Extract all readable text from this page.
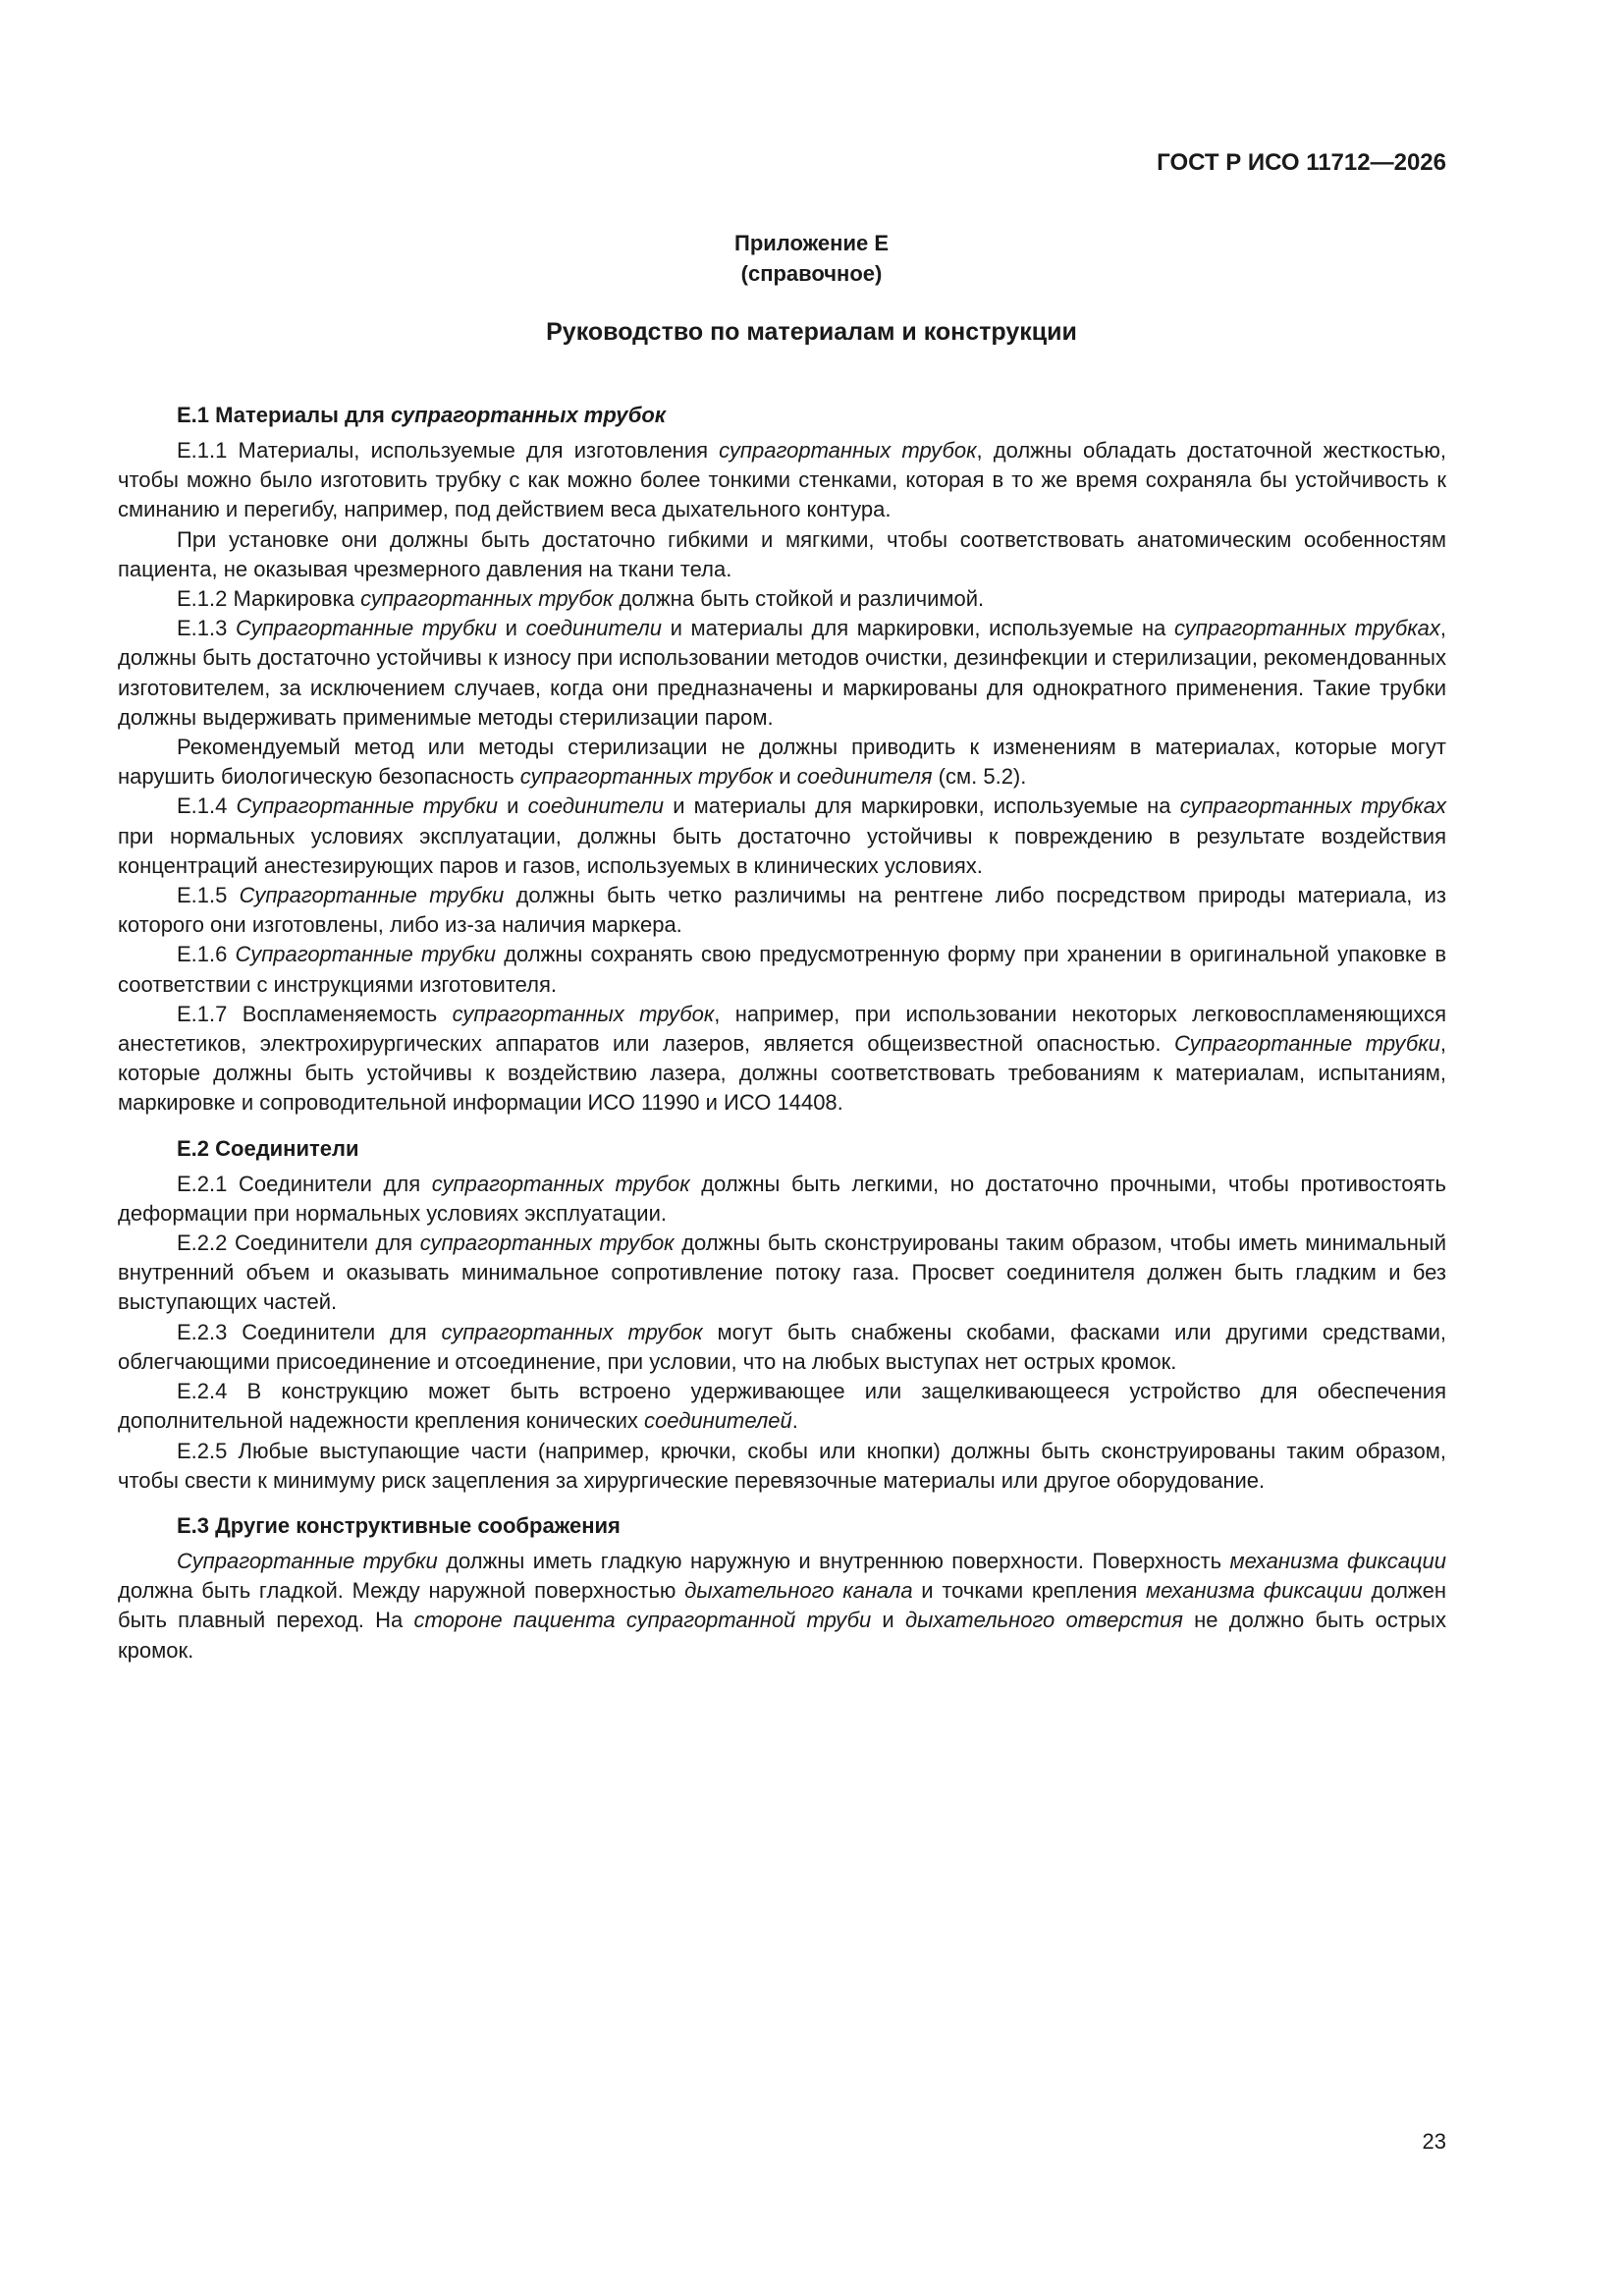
ГОСТ Р ИСО 11712—2026
Приложение Е
(справочное)
Руководство по материалам и конструкции
Е.1 Материалы для супрагортанных трубок

Е.1.1 Материалы, используемые для изготовления супрагортанных трубок, должны обладать достаточной жесткостью, чтобы можно было изготовить трубку с как можно более тонкими стенками, которая в то же время сохраняла бы устойчивость к сминанию и перегибу, например, под действием веса дыхательного контура.

При установке они должны быть достаточно гибкими и мягкими, чтобы соответствовать анатомическим особенностям пациента, не оказывая чрезмерного давления на ткани тела.

Е.1.2 Маркировка супрагортанных трубок должна быть стойкой и различимой.

Е.1.3 Супрагортанные трубки и соединители и материалы для маркировки, используемые на супрагортанных трубках, должны быть достаточно устойчивы к износу при использовании методов очистки, дезинфекции и стерилизации, рекомендованных изготовителем, за исключением случаев, когда они предназначены и маркированы для однократного применения. Такие трубки должны выдерживать применимые методы стерилизации паром.

Рекомендуемый метод или методы стерилизации не должны приводить к изменениям в материалах, которые могут нарушить биологическую безопасность супрагортанных трубок и соединителя (см. 5.2).

Е.1.4 Супрагортанные трубки и соединители и материалы для маркировки, используемые на супрагортанных трубках при нормальных условиях эксплуатации, должны быть достаточно устойчивы к повреждению в результате воздействия концентраций анестезирующих паров и газов, используемых в клинических условиях.

Е.1.5 Супрагортанные трубки должны быть четко различимы на рентгене либо посредством природы материала, из которого они изготовлены, либо из-за наличия маркера.

Е.1.6 Супрагортанные трубки должны сохранять свою предусмотренную форму при хранении в оригинальной упаковке в соответствии с инструкциями изготовителя.

Е.1.7 Воспламеняемость супрагортанных трубок, например, при использовании некоторых легковоспламеняющихся анестетиков, электрохирургических аппаратов или лазеров, является общеизвестной опасностью. Супрагортанные трубки, которые должны быть устойчивы к воздействию лазера, должны соответствовать требованиям к материалам, испытаниям, маркировке и сопроводительной информации ИСО 11990 и ИСО 14408.

Е.2 Соединители

Е.2.1 Соединители для супрагортанных трубок должны быть легкими, но достаточно прочными, чтобы противостоять деформации при нормальных условиях эксплуатации.

Е.2.2 Соединители для супрагортанных трубок должны быть сконструированы таким образом, чтобы иметь минимальный внутренний объем и оказывать минимальное сопротивление потоку газа. Просвет соединителя должен быть гладким и без выступающих частей.

Е.2.3 Соединители для супрагортанных трубок могут быть снабжены скобами, фасками или другими средствами, облегчающими присоединение и отсоединение, при условии, что на любых выступах нет острых кромок.

Е.2.4 В конструкцию может быть встроено удерживающее или защелкивающееся устройство для обеспечения дополнительной надежности крепления конических соединителей.

Е.2.5 Любые выступающие части (например, крючки, скобы или кнопки) должны быть сконструированы таким образом, чтобы свести к минимуму риск зацепления за хирургические перевязочные материалы или другое оборудование.

Е.3 Другие конструктивные соображения

Супрагортанные трубки должны иметь гладкую наружную и внутреннюю поверхности. Поверхность механизма фиксации должна быть гладкой. Между наружной поверхностью дыхательного канала и точками крепления механизма фиксации должен быть плавный переход. На стороне пациента супрагортанной труби и дыхательного отверстия не должно быть острых кромок.

23
